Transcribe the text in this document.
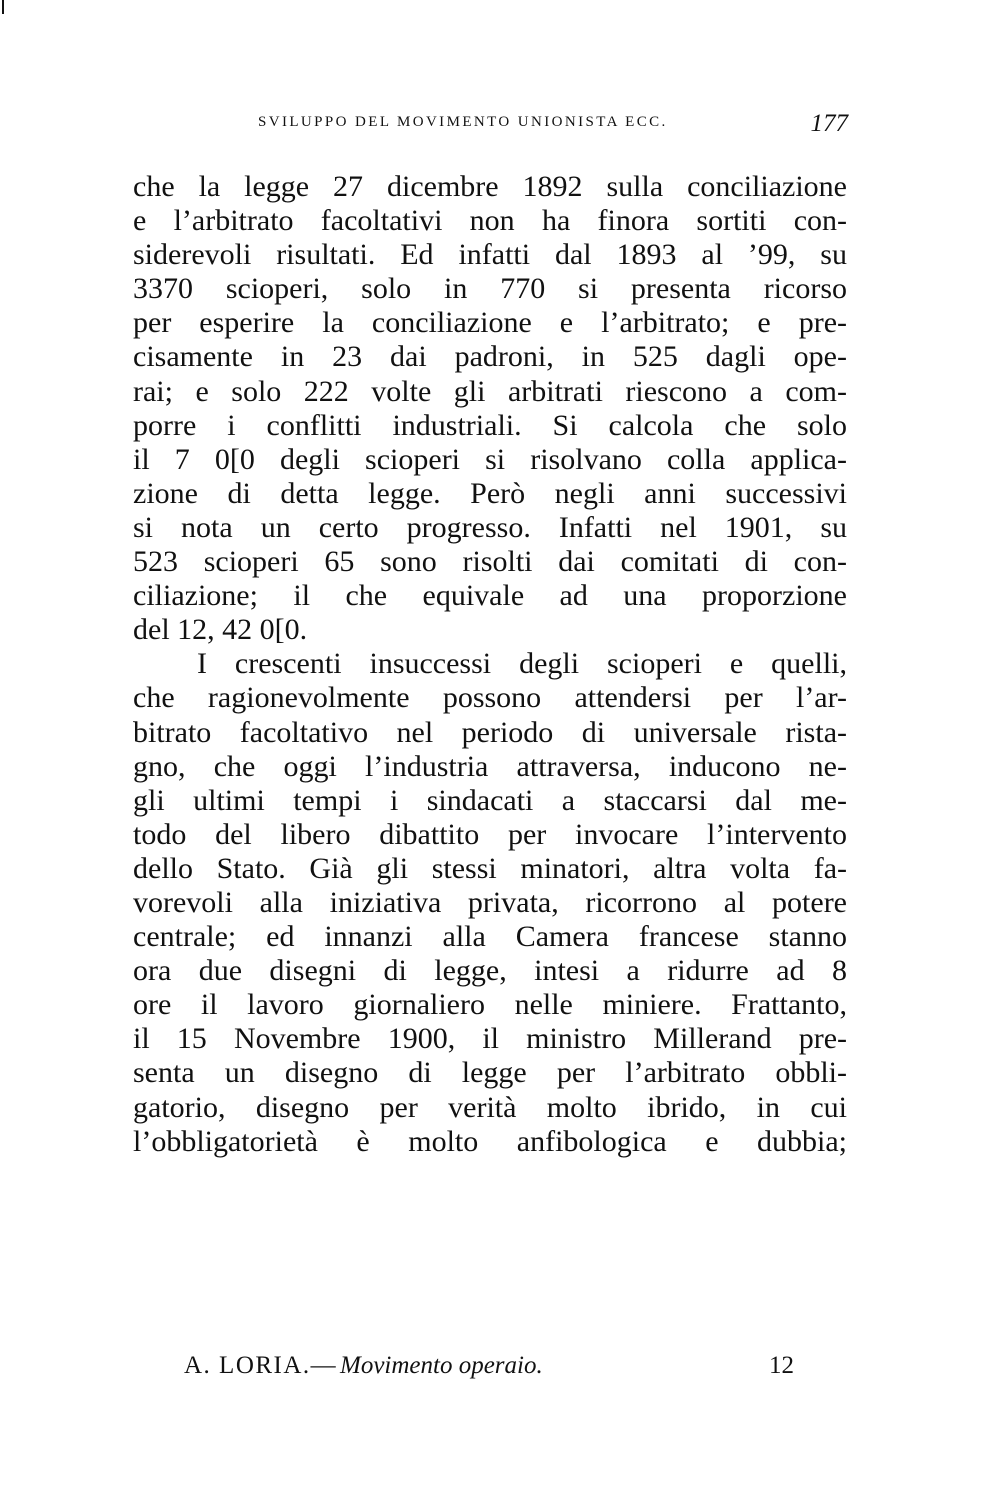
SVILUPPO DEL MOVIMENTO UNIONISTA ECC.	177
che la legge 27 dicembre 1892 sulla conciliazione
e l’arbitrato facoltativi non ha finora sortiti con-
siderevoli risultati. Ed infatti dal 1893 al ’99, su
3370 scioperi, solo in 770 si presenta ricorso
per esperire la conciliazione e l’arbitrato; e pre-
cisamente in 23 dai padroni, in 525 dagli ope-
rai; e solo 222 volte gli arbitrati riescono a com-
porre i conflitti industriali. Si calcola che solo
il 7 0[0 degli scioperi si risolvano colla applica-
zione di detta legge. Però negli anni successivi
si nota un certo progresso. Infatti nel 1901, su
523 scioperi 65 sono risolti dai comitati di con-
ciliazione; il che equivale ad una proporzione
del 12, 42 0[0.
I crescenti insuccessi degli scioperi e quelli,
che ragionevolmente possono attendersi per l’ar-
bitrato facoltativo nel periodo di universale rista-
gno, che oggi l’industria attraversa, inducono ne-
gli ultimi tempi i sindacati a staccarsi dal me-
todo del libero dibattito per invocare l’intervento
dello Stato. Già gli stessi minatori, altra volta fa-
vorevoli alla iniziativa privata, ricorrono al potere
centrale; ed innanzi alla Camera francese stanno
ora due disegni di legge, intesi a ridurre ad 8
ore il lavoro giornaliero nelle miniere. Frattanto,
il 15 Novembre 1900, il ministro Millerand pre-
senta un disegno di legge per l’arbitrato obbli-
gatorio, disegno per verità molto ibrido, in cui
l’obbligatorietà è molto anfibologica e dubbia;
A. LORIA.— Movimento operaio.	12
